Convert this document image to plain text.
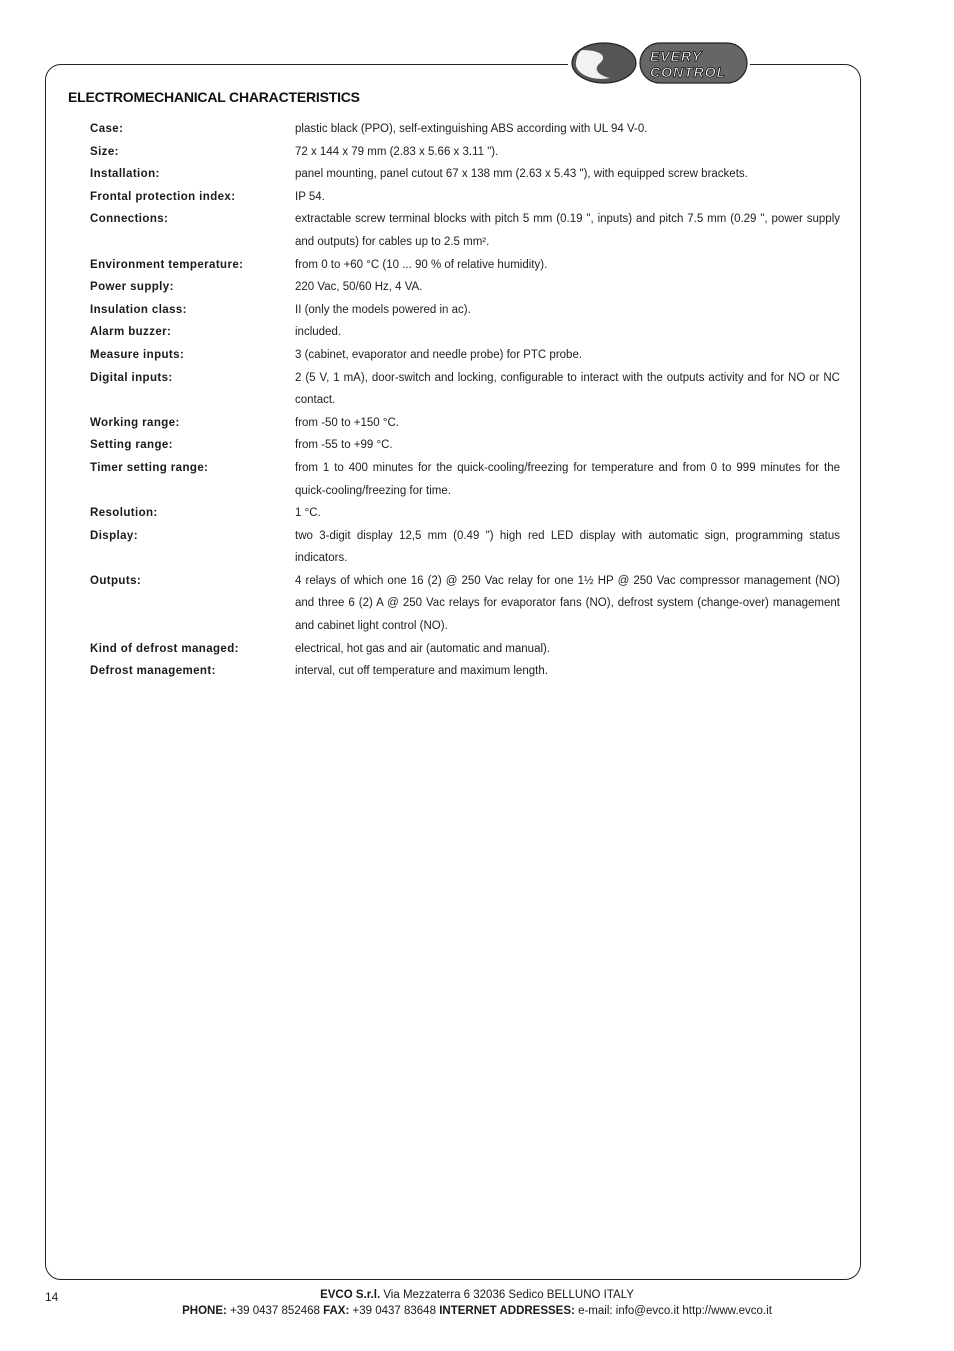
EVERY
CONTROL
ELECTROMECHANICAL CHARACTERISTICS
Case:	plastic black (PPO), self-extinguishing ABS according with UL 94 V-0.
Size:	72 x 144 x 79 mm (2.83 x 5.66 x 3.11 ").
Installation:	panel mounting, panel cutout 67 x 138 mm (2.63 x 5.43 "), with equipped screw brackets.
Frontal protection index:	IP 54.
Connections:	extractable screw terminal blocks with pitch 5 mm (0.19 ", inputs) and pitch 7.5 mm (0.29 ", power supply and outputs) for cables up to 2.5 mm².
Environment temperature:	from 0 to +60 °C (10 ... 90 % of relative humidity).
Power supply:	220 Vac, 50/60 Hz, 4 VA.
Insulation class:	II (only the models powered in ac).
Alarm buzzer:	included.
Measure inputs:	3 (cabinet, evaporator and needle probe) for PTC probe.
Digital inputs:	2 (5 V, 1 mA), door-switch and locking, configurable to interact with the outputs activity and for NO or NC contact.
Working range:	from -50 to +150 °C.
Setting range:	from -55 to +99 °C.
Timer setting range:	from 1 to 400 minutes for the quick-cooling/freezing for temperature and from 0 to 999 minutes for the quick-cooling/freezing for time.
Resolution:	1 °C.
Display:	two 3-digit display 12,5 mm (0.49 ") high red LED display with automatic sign, programming status indicators.
Outputs:	4 relays of which one 16 (2) @ 250 Vac relay for one 1½ HP @ 250 Vac compressor management (NO) and three 6 (2) A @ 250 Vac relays for evaporator fans (NO), defrost system (change-over) management and cabinet light control (NO).
Kind of defrost managed:	electrical, hot gas and air (automatic and manual).
Defrost management:	interval, cut off temperature and maximum length.
14	EVCO S.r.l. Via Mezzaterra 6 32036 Sedico BELLUNO ITALY
PHONE: +39 0437 852468 FAX: +39 0437 83648 INTERNET ADDRESSES: e-mail: info@evco.it http://www.evco.it
